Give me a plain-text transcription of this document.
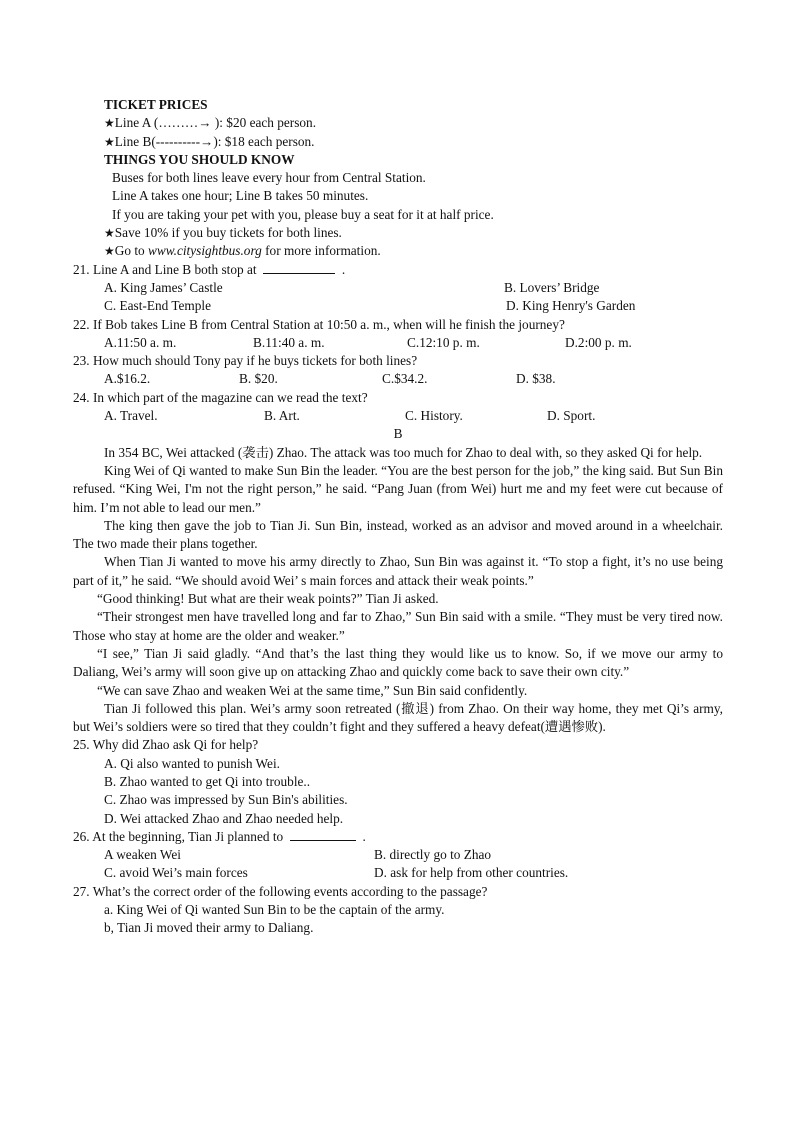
TICKET PRICES
★Line A (………→ ): $20 each person.
★Line B(----------→): $18 each person.
THINGS YOU SHOULD KNOW
Buses for both lines leave every hour from Central Station.
Line A takes one hour; Line B takes 50 minutes.
If you are taking your pet with you, please buy a seat for it at half price.
★Save 10% if you buy tickets for both lines.
★Go to www.citysightbus.org for more information.
21. Line A and Line B both stop at	.
A. King James’ Castle	B. Lovers’ Bridge
C. East-End Temple	D. King Henry's Garden
22. If Bob takes Line B from Central Station at 10:50 a. m., when will he finish the journey?
A.11:50 a. m.	B.11:40 a. m.	C.12:10 p. m.	D.2:00 p. m.
23. How much should Tony pay if he buys tickets for both lines?
A.$16.2.	B. $20.	C.$34.2.	D. $38.
24. In which part of the magazine can we read the text?
A. Travel.	B. Art.	C. History.	D. Sport.
B
In 354 BC, Wei attacked (袭击) Zhao. The attack was too much for Zhao to deal with, so they asked Qi for help.
King Wei of Qi wanted to make Sun Bin the leader. “You are the best person for the job,” the king said. But Sun Bin refused. “King Wei, I'm not the right person,” he said. “Pang Juan (from Wei) hurt me and my feet were cut because of him. I’m not able to lead our men.”
The king then gave the job to Tian Ji. Sun Bin, instead, worked as an advisor and moved around in a wheelchair. The two made their plans together.
When Tian Ji wanted to move his army directly to Zhao, Sun Bin was against it. “To stop a fight, it’s no use being part of it,” he said. “We should avoid Wei’ s main forces and attack their weak points.”
“Good thinking! But what are their weak points?” Tian Ji asked.
“Their strongest men have travelled long and far to Zhao,” Sun Bin said with a smile. “They must be very tired now. Those who stay at home are the older and weaker.”
“I see,” Tian Ji said gladly. “And that’s the last thing they would like us to know. So, if we move our army to Daliang, Wei’s army will soon give up on attacking Zhao and quickly come back to save their own city.”
“We can save Zhao and weaken Wei at the same time,” Sun Bin said confidently.
Tian Ji followed this plan. Wei’s army soon retreated (撤退) from Zhao. On their way home, they met Qi’s army, but Wei’s soldiers were so tired that they couldn’t fight and they suffered a heavy defeat(遭遇惨败).
25. Why did Zhao ask Qi for help?
A. Qi also wanted to punish Wei.
B. Zhao wanted to get Qi into trouble..
C. Zhao was impressed by Sun Bin's abilities.
D. Wei attacked Zhao and Zhao needed help.
26. At the beginning, Tian Ji planned to	.
A weaken Wei	B. directly go to Zhao
C. avoid Wei’s main forces	D. ask for help from other countries.
27. What’s the correct order of the following events according to the passage?
a. King Wei of Qi wanted Sun Bin to be the captain of the army.
b, Tian Ji moved their army to Daliang.
